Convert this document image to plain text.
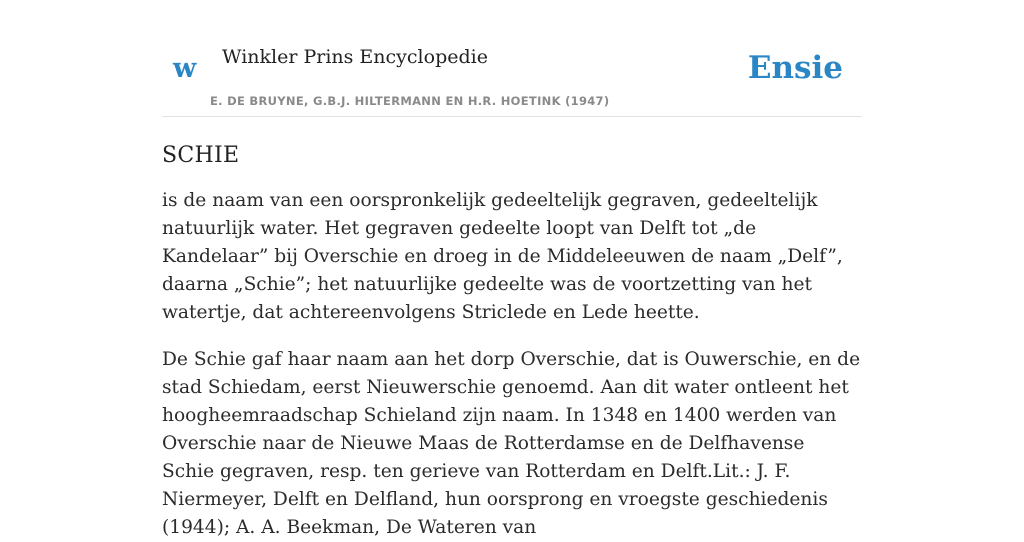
w Winkler Prins Encyclopedie
E. DE BRUYNE, G.B.J. HILTERMANN EN H.R. HOETINK (1947)
Ensie
SCHIE

is de naam van een oorspronkelijk gedeeltelijk gegraven, gedeeltelijk natuurlijk water. Het gegraven gedeelte loopt van Delft tot „de Kandelaar” bij Overschie en droeg in de Middeleeuwen de naam „Delf”, daarna „Schie”; het natuurlijke gedeelte was de voortzetting van het watertje, dat achtereenvolgens Striclede en Lede heette.

De Schie gaf haar naam aan het dorp Overschie, dat is Ouwerschie, en de stad Schiedam, eerst Nieuwerschie genoemd. Aan dit water ontleent het hoogheemraadschap Schieland zijn naam. In 1348 en 1400 werden van Overschie naar de Nieuwe Maas de Rotterdamse en de Delfhavense Schie gegraven, resp. ten gerieve van Rotterdam en Delft.Lit.: J. F. Niermeyer, Delft en Delfland, hun oorsprong en vroegste geschiedenis (1944); A. A. Beekman, De Wateren van
